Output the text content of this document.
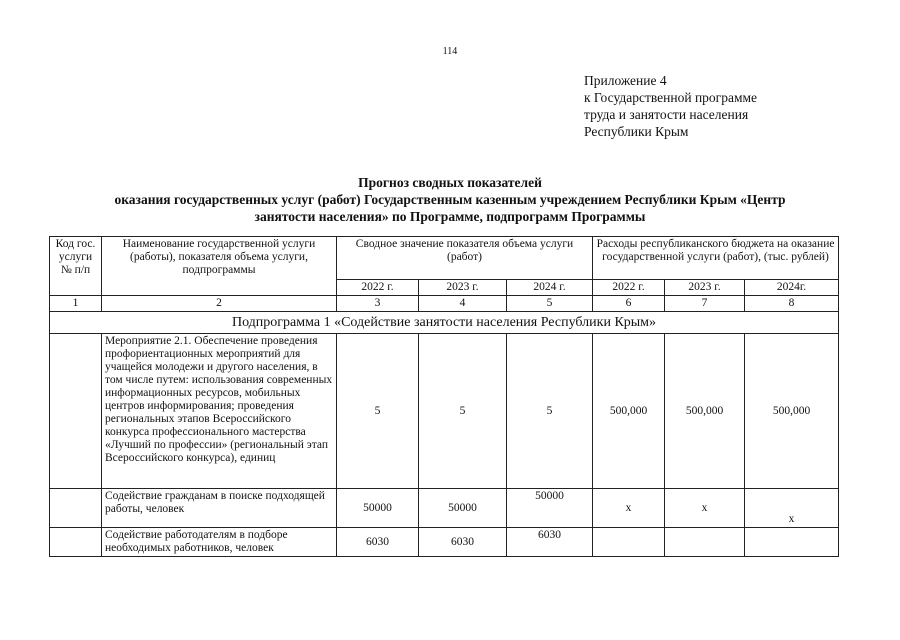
114
Приложение 4
к Государственной программе
труда и занятости населения
Республики Крым
Прогноз сводных показателей
оказания государственных услуг (работ) Государственным казенным учреждением Республики Крым «Центр
занятости населения» по Программе, подпрограмм Программы
Код гос. услуги № п/п	Наименование государственной услуги (работы), показателя объема услуги, подпрограммы	Сводное значение показателя объема услуги (работ)			Расходы республиканского бюджета на оказание государственной услуги (работ), (тыс. рублей)		
		2022 г.	2023 г.	2024 г.	2022 г.	2023 г.	2024г.
1	2	3	4	5	6	7	8
Подпрограмма 1 «Содействие занятости населения Республики Крым»							
	Мероприятие 2.1. Обеспечение проведения профориентационных мероприятий для учащейся молодежи и другого населения, в том числе путем: использования современных информационных ресурсов, мобильных центров информирования; проведения региональных этапов Всероссийского конкурса профессионального мастерства «Лучший по профессии» (региональный этап Всероссийского конкурса), единиц	5	5	5	500,000	500,000	500,000
	Содействие гражданам в поиске подходящей работы, человек	50000	50000	50000	х	х	х
	Содействие работодателям в подборе необходимых работников, человек	6030	6030	6030			
